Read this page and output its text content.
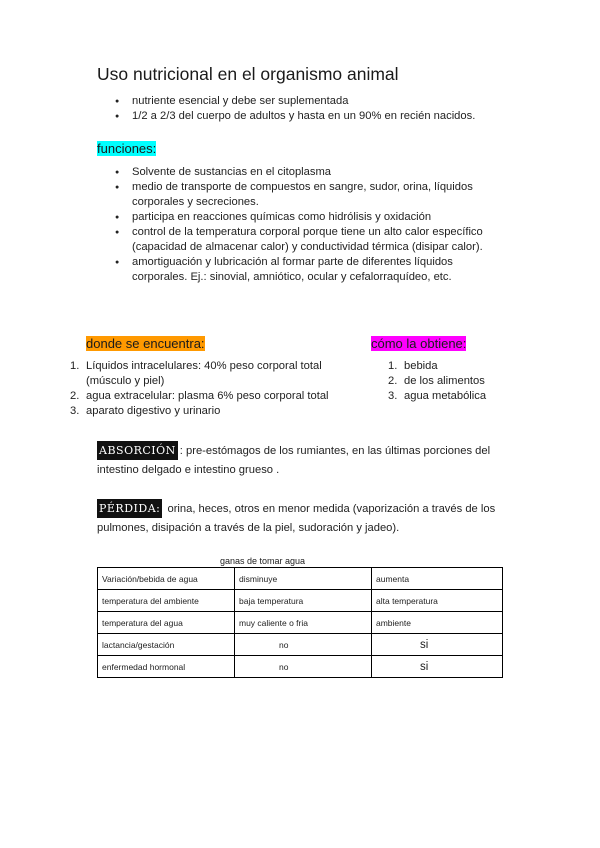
Uso nutricional en el organismo animal
● nutriente esencial y debe ser suplementada
● 1/2 a 2/3 del cuerpo de adultos y hasta en un 90% en recién nacidos.
funciones:
● Solvente de sustancias en el citoplasma
● medio de transporte de compuestos en sangre, sudor, orina, líquidos corporales y secreciones.
● participa en reacciones químicas como hidrólisis y oxidación
● control de la temperatura corporal porque tiene un alto calor específico (capacidad de almacenar calor) y conductividad térmica (disipar calor).
● amortiguación y lubricación al formar parte de diferentes líquidos corporales. Ej.: sinovial, amniótico, ocular y cefalorraquídeo, etc.
donde se encuentra:
1. Líquidos intracelulares: 40% peso corporal total (músculo y piel)
2. agua extracelular: plasma 6% peso corporal total
3. aparato digestivo y urinario
cómo la obtiene:
1. bebida
2. de los alimentos
3. agua metabólica
ABSORCIÓN : pre-estómagos de los rumiantes, en las últimas porciones del intestino delgado e intestino grueso .
PÉRDIDA: orina, heces, otros en menor medida (vaporización a través de los pulmones, disipación a través de la piel, sudoración y jadeo).
ganas de tomar agua
Variación/bebida de agua	disminuye	aumenta
temperatura del ambiente	baja temperatura	alta temperatura
temperatura del agua	muy caliente o fria	ambiente
lactancia/gestación	no	si
enfermedad hormonal	no	si
